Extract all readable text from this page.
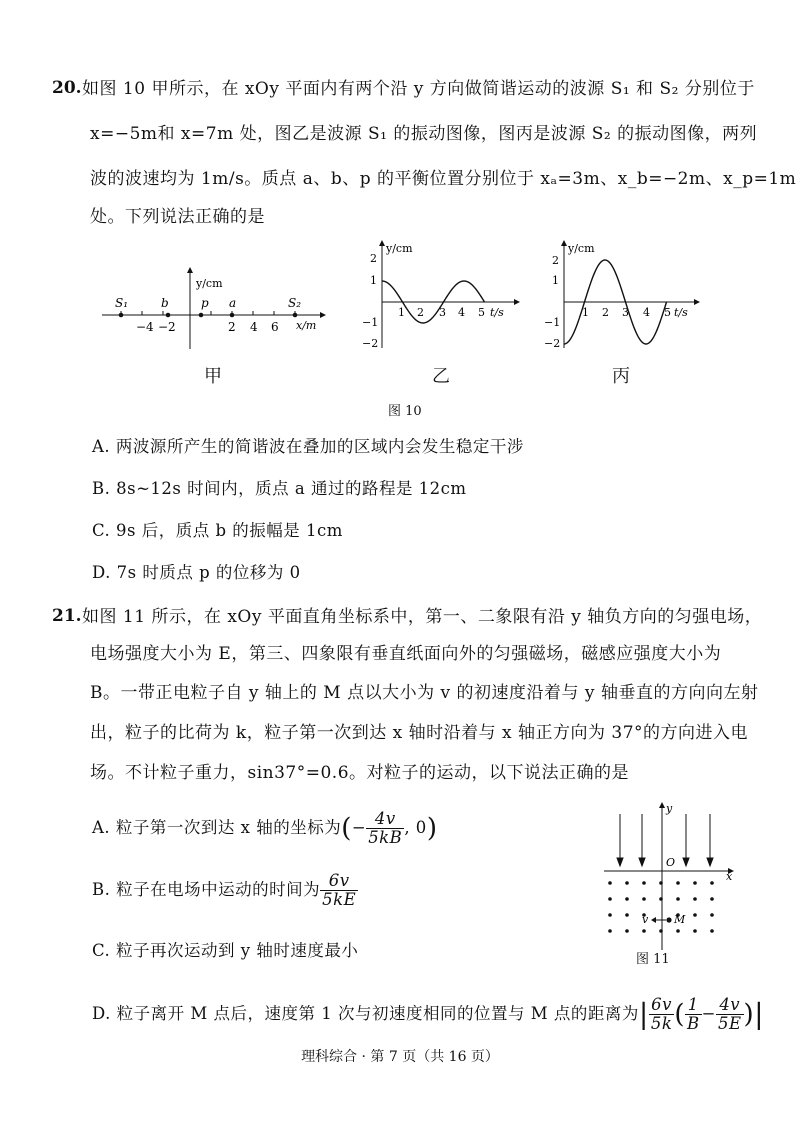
20. 如图 10 甲所示，在 xOy 平面内有两个沿 y 方向做简谐运动的波源 S₁ 和 S₂ 分别位于
x=−5m和 x=7m 处，图乙是波源 S₁ 的振动图像，图丙是波源 S₂ 的振动图像，两列
波的波速均为 1m/s。质点 a、b、p 的平衡位置分别位于 xₐ=3m、x_b=−2m、x_p=1m
处。下列说法正确的是
y/cm
x/m
−4 −2	2 4 6
S₁	b	p a	S₂
y/cm
t/s
2
1
−1
−2
1 2 3 4 5
y/cm
t/s
2
1
−1
−2
1 2 3 4 5
甲	乙	丙
图 10
A. 两波源所产生的简谐波在叠加的区域内会发生稳定干涉
B. 8s~12s 时间内，质点 a 通过的路程是 12cm
C. 9s 后，质点 b 的振幅是 1cm
D. 7s 时质点 p 的位移为 0
21. 如图 11 所示，在 xOy 平面直角坐标系中，第一、二象限有沿 y 轴负方向的匀强电场，
电场强度大小为 E，第三、四象限有垂直纸面向外的匀强磁场，磁感应强度大小为
B。一带正电粒子自 y 轴上的 M 点以大小为 v 的初速度沿着与 y 轴垂直的方向向左射
出，粒子的比荷为 k，粒子第一次到达 x 轴时沿着与 x 轴正方向为 37°的方向进入电
场。不计粒子重力，sin37°=0.6。对粒子的运动，以下说法正确的是
A. 粒子第一次到达 x 轴的坐标为(− $\frac{4v}{5kB}$ , 0)
B. 粒子在电场中运动的时间为 $\frac{6v}{5kE}$
C. 粒子再次运动到 y 轴时速度最小
D. 粒子离开 M 点后，速度第 1 次与初速度相同的位置与 M 点的距离为| $\frac{6v}{5k}$ ( $\frac{1}{B} - \frac{4v}{5E}$ )|
y
x
O
M
v
图 11
理科综合 · 第 7 页（共 16 页）
